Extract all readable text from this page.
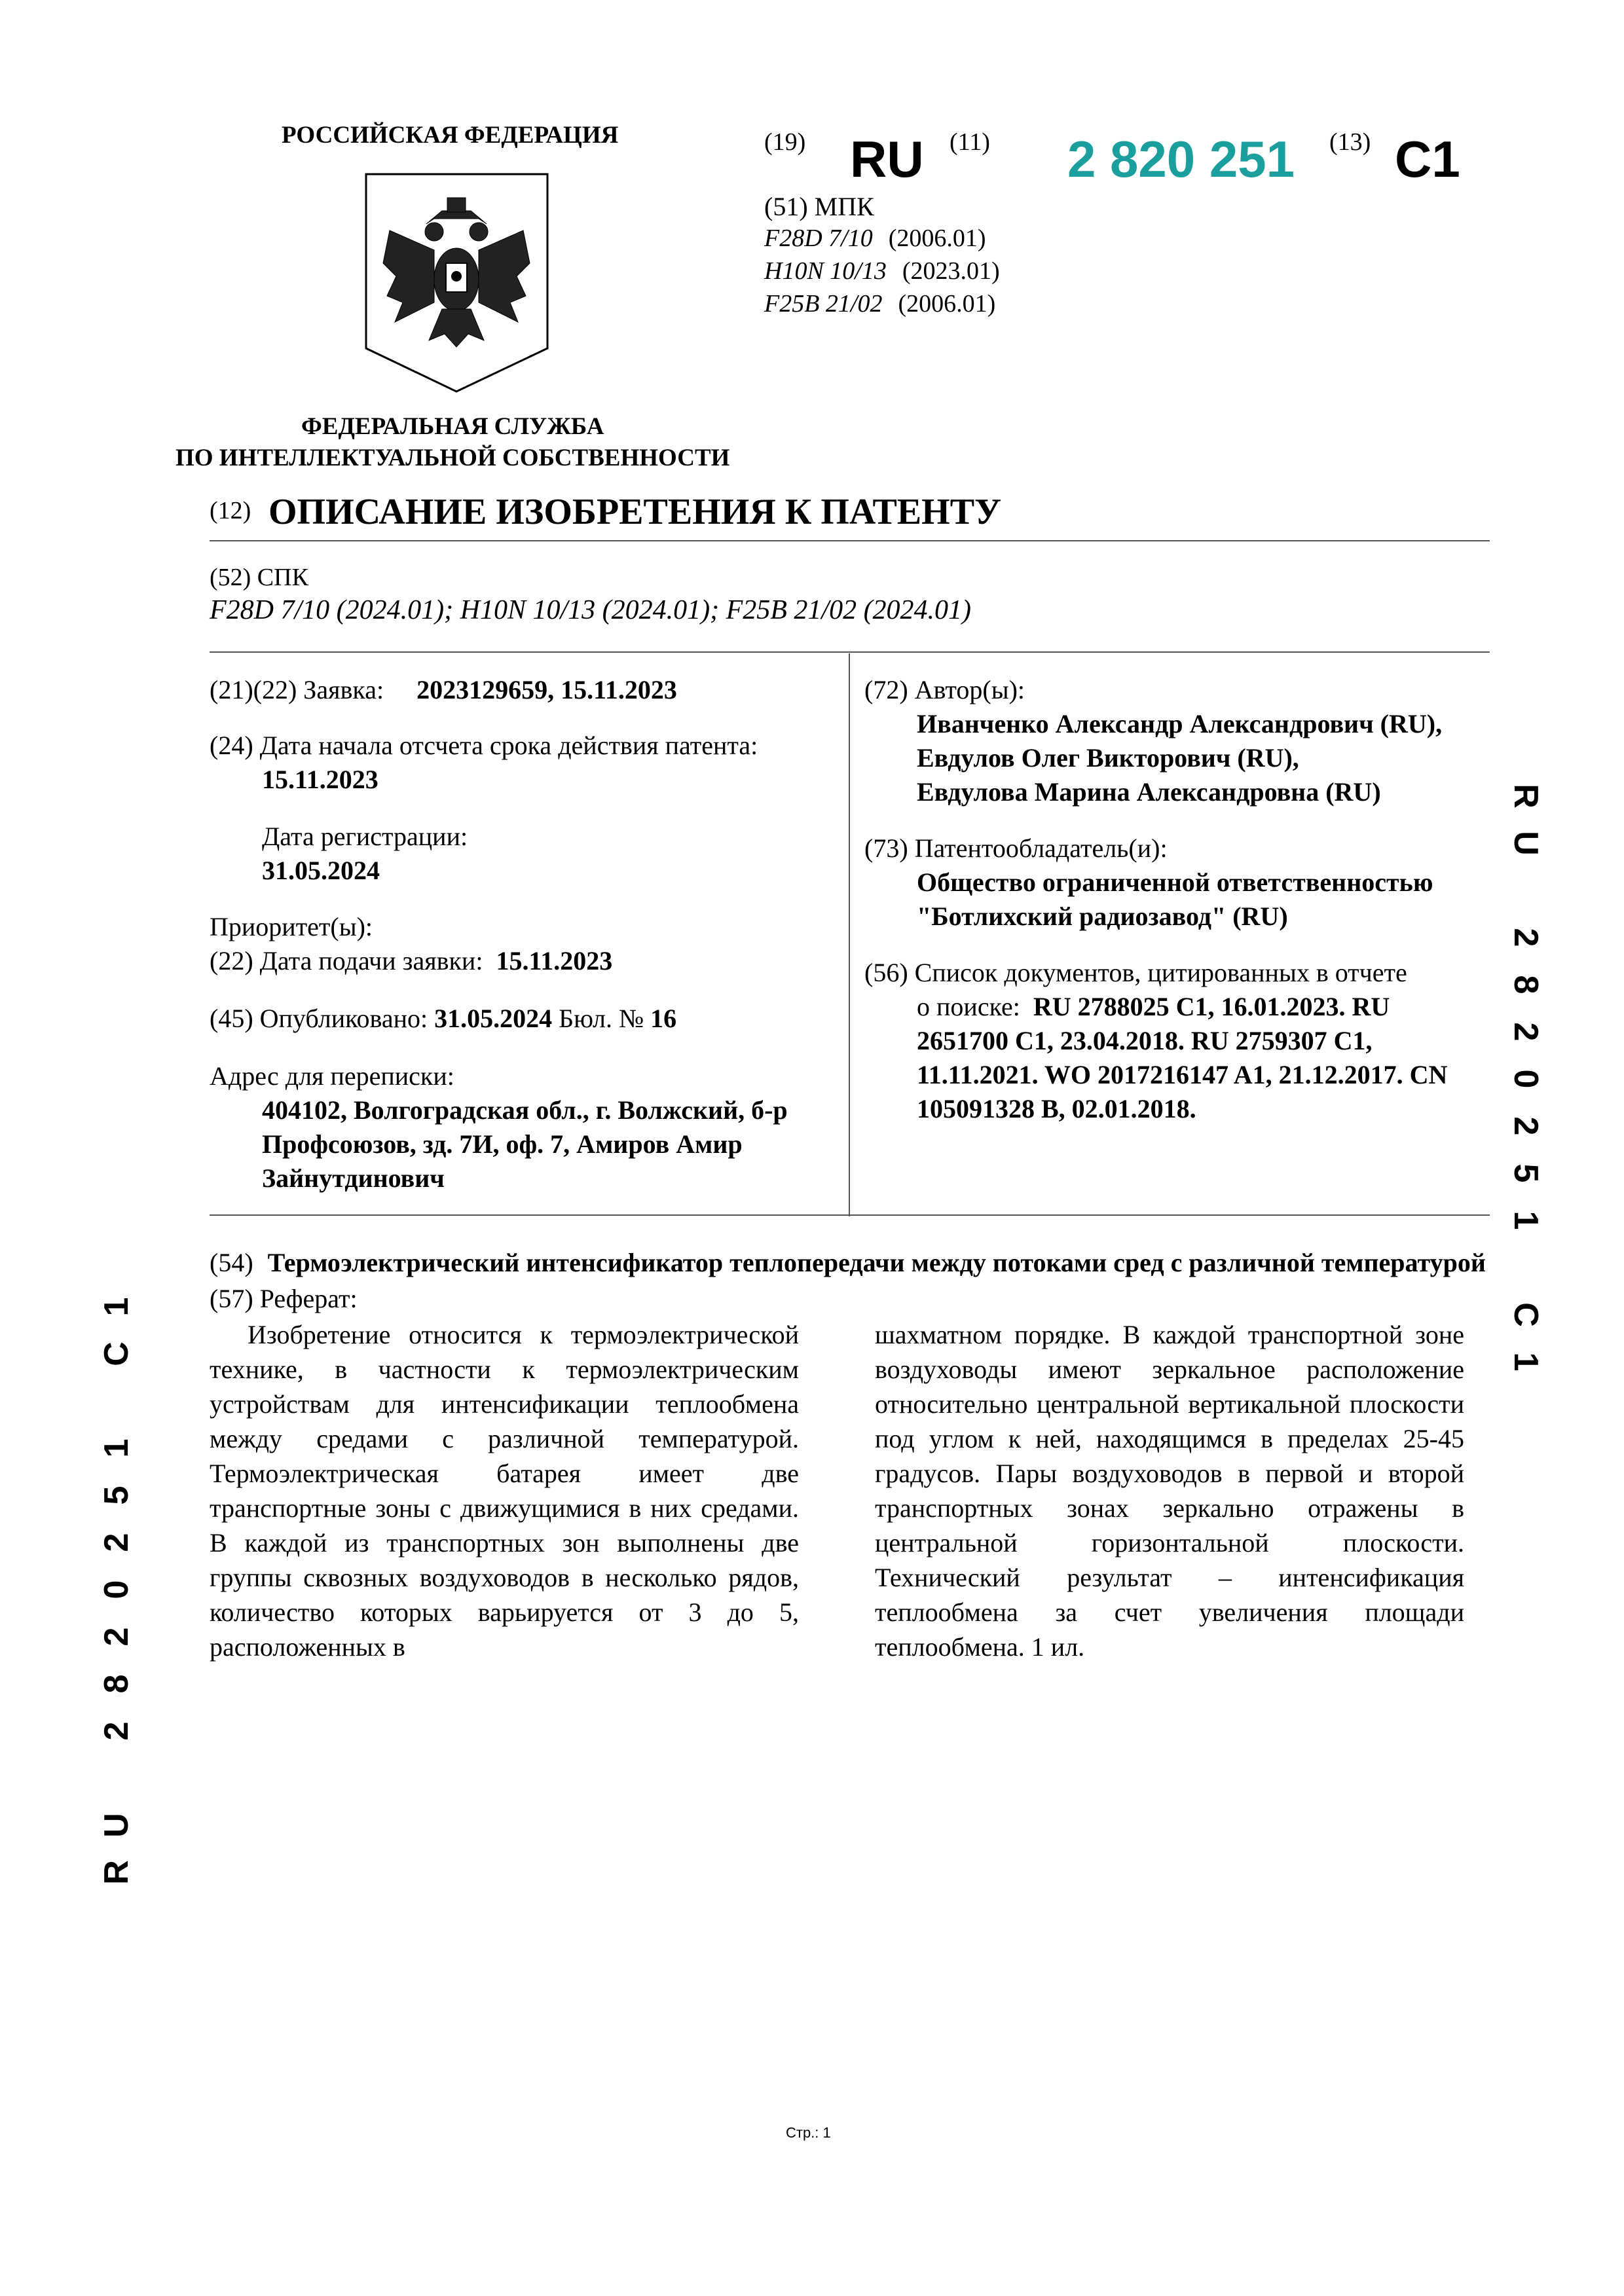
РОССИЙСКАЯ ФЕДЕРАЦИЯ
ФЕДЕРАЛЬНАЯ СЛУЖБА
ПО ИНТЕЛЛЕКТУАЛЬНОЙ СОБСТВЕННОСТИ
(19) RU (11) 2 820 251 (13) C1
(51) МПК
F28D 7/10 (2006.01)
H10N 10/13 (2023.01)
F25B 21/02 (2006.01)
(12) ОПИСАНИЕ ИЗОБРЕТЕНИЯ К ПАТЕНТУ
(52) СПК
F28D 7/10 (2024.01); H10N 10/13 (2024.01); F25B 21/02 (2024.01)
(21)(22) Заявка: 2023129659, 15.11.2023
(24) Дата начала отсчета срока действия патента:
15.11.2023
Дата регистрации:
31.05.2024
Приоритет(ы):
(22) Дата подачи заявки: 15.11.2023
(45) Опубликовано: 31.05.2024 Бюл. № 16
Адрес для переписки:
404102, Волгоградская обл., г. Волжский, б-р
Профсоюзов, зд. 7И, оф. 7, Амиров Амир
Зайнутдинович
(72) Автор(ы):
Иванченко Александр Александрович (RU),
Евдулов Олег Викторович (RU),
Евдулова Марина Александровна (RU)
(73) Патентообладатель(и):
Общество ограниченной ответственностью
"Ботлихский радиозавод" (RU)
(56) Список документов, цитированных в отчете
о поиске: RU 2788025 C1, 16.01.2023. RU
2651700 C1, 23.04.2018. RU 2759307 C1,
11.11.2021. WO 2017216147 A1, 21.12.2017. CN
105091328 B, 02.01.2018.
R
U
2
8
2
0
2
5
1
C
1
1
C
1
5
2
0
2
8
2
U
R
(54) Термоэлектрический интенсификатор теплопередачи между потоками сред с различной температурой
(57) Реферат:
Изобретение относится к термоэлектрической технике, в частности к термоэлектрическим устройствам для интенсификации теплообмена между средами с различной температурой. Термоэлектрическая батарея имеет две транспортные зоны с движущимися в них средами. В каждой из транспортных зон выполнены две группы сквозных воздуховодов в несколько рядов, количество которых варьируется от 3 до 5, расположенных в
шахматном порядке. В каждой транспортной зоне воздуховоды имеют зеркальное расположение относительно центральной вертикальной плоскости под углом к ней, находящимся в пределах 25-45 градусов. Пары воздуховодов в первой и второй транспортных зонах зеркально отражены в центральной горизонтальной плоскости. Технический результат – интенсификация теплообмена за счет увеличения площади теплообмена. 1 ил.
Стр.: 1
